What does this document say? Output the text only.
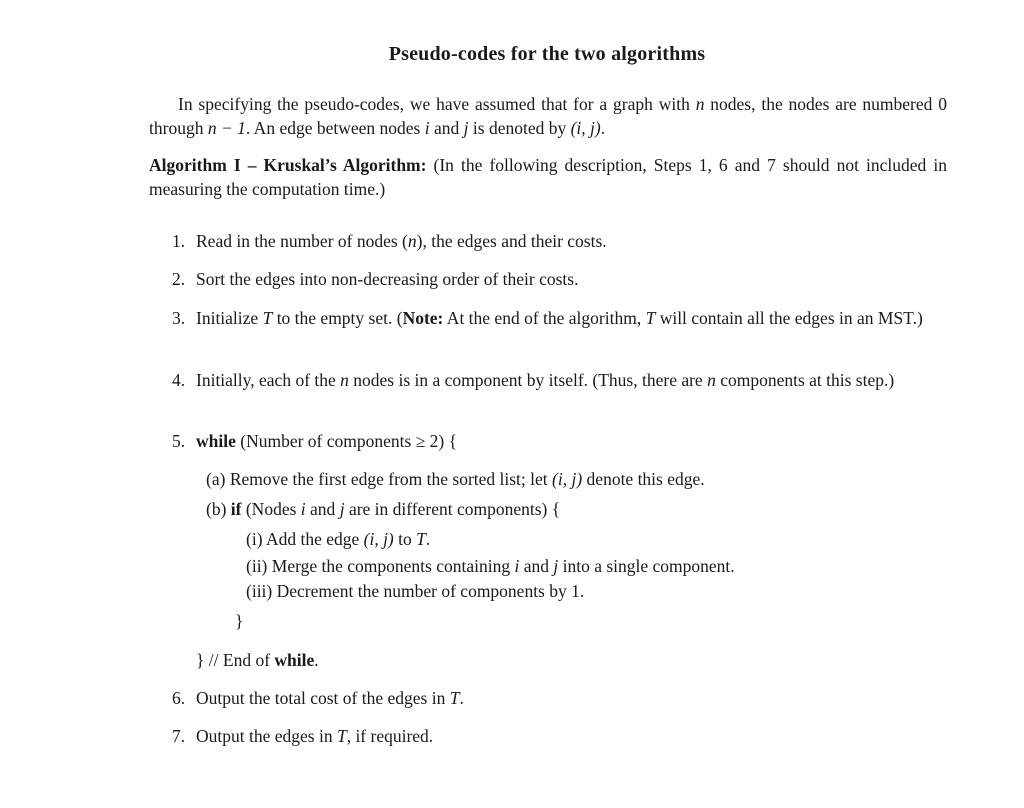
Pseudo-codes for the two algorithms
In specifying the pseudo-codes, we have assumed that for a graph with n nodes, the nodes are numbered 0 through n − 1. An edge between nodes i and j is denoted by (i, j).
Algorithm I – Kruskal’s Algorithm: (In the following description, Steps 1, 6 and 7 should not included in measuring the computation time.)
1. Read in the number of nodes (n), the edges and their costs.
2. Sort the edges into non-decreasing order of their costs.
3. Initialize T to the empty set. (Note: At the end of the algorithm, T will contain all the edges in an MST.)
4. Initially, each of the n nodes is in a component by itself. (Thus, there are n components at this step.)
5. while (Number of components ≥ 2) {
(a) Remove the first edge from the sorted list; let (i, j) denote this edge.
(b) if (Nodes i and j are in different components) {
(i) Add the edge (i, j) to T.
(ii) Merge the components containing i and j into a single component.
(iii) Decrement the number of components by 1.
}
} // End of while.
6. Output the total cost of the edges in T.
7. Output the edges in T, if required.
